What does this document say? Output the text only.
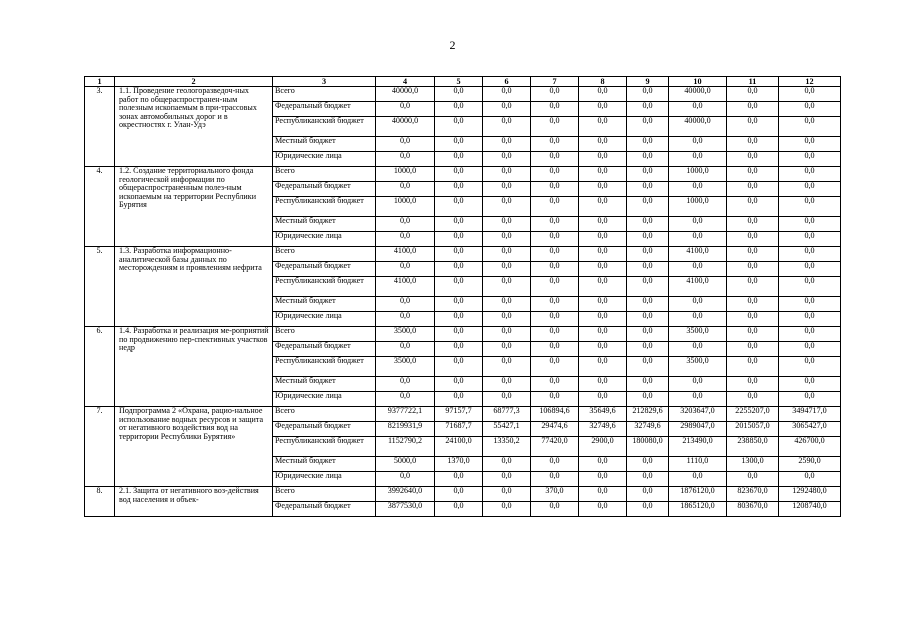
2
1	2	3	4	5	6	7	8	9	10	11	12
3.	1.1. Проведение геологоразведоч-ных работ по общераспространен-ным полезным ископаемым в при-трассовых зонах автомобильных дорог и в окрестностях г. Улан-Удэ	Всего	40000,0	0,0	0,0	0,0	0,0	0,0	40000,0	0,0	0,0
		Федеральный бюджет	0,0	0,0	0,0	0,0	0,0	0,0	0,0	0,0	0,0
		Республиканский бюджет	40000,0	0,0	0,0	0,0	0,0	0,0	40000,0	0,0	0,0
		Местный бюджет	0,0	0,0	0,0	0,0	0,0	0,0	0,0	0,0	0,0
		Юридические лица	0,0	0,0	0,0	0,0	0,0	0,0	0,0	0,0	0,0
4.	1.2. Создание территориального фонда геологической информации по общераспространенным полез-ным ископаемым на территории Республики Бурятия	Всего	1000,0	0,0	0,0	0,0	0,0	0,0	1000,0	0,0	0,0
		Федеральный бюджет	0,0	0,0	0,0	0,0	0,0	0,0	0,0	0,0	0,0
		Республиканский бюджет	1000,0	0,0	0,0	0,0	0,0	0,0	1000,0	0,0	0,0
		Местный бюджет	0,0	0,0	0,0	0,0	0,0	0,0	0,0	0,0	0,0
		Юридические лица	0,0	0,0	0,0	0,0	0,0	0,0	0,0	0,0	0,0
5.	1.3. Разработка информационно-аналитической базы данных по месторождениям и проявлениям нефрита	Всего	4100,0	0,0	0,0	0,0	0,0	0,0	4100,0	0,0	0,0
		Федеральный бюджет	0,0	0,0	0,0	0,0	0,0	0,0	0,0	0,0	0,0
		Республиканский бюджет	4100,0	0,0	0,0	0,0	0,0	0,0	4100,0	0,0	0,0
		Местный бюджет	0,0	0,0	0,0	0,0	0,0	0,0	0,0	0,0	0,0
		Юридические лица	0,0	0,0	0,0	0,0	0,0	0,0	0,0	0,0	0,0
6.	1.4. Разработка и реализация ме-роприятий по продвижению пер-спективных участков недр	Всего	3500,0	0,0	0,0	0,0	0,0	0,0	3500,0	0,0	0,0
		Федеральный бюджет	0,0	0,0	0,0	0,0	0,0	0,0	0,0	0,0	0,0
		Республиканский бюджет	3500,0	0,0	0,0	0,0	0,0	0,0	3500,0	0,0	0,0
		Местный бюджет	0,0	0,0	0,0	0,0	0,0	0,0	0,0	0,0	0,0
		Юридические лица	0,0	0,0	0,0	0,0	0,0	0,0	0,0	0,0	0,0
7.	Подпрограмма 2 «Охрана, рацио-нальное использование водных ресурсов и защита от негативного воздействия вод на территории Республики Бурятия»	Всего	9377722,1	97157,7	68777,3	106894,6	35649,6	212829,6	3203647,0	2255207,0	3494717,0
		Федеральный бюджет	8219931,9	71687,7	55427,1	29474,6	32749,6	32749,6	2989047,0	2015057,0	3065427,0
		Республиканский бюджет	1152790,2	24100,0	13350,2	77420,0	2900,0	180080,0	213490,0	238850,0	426700,0
		Местный бюджет	5000,0	1370,0	0,0	0,0	0,0	0,0	1110,0	1300,0	2590,0
		Юридические лица	0,0	0,0	0,0	0,0	0,0	0,0	0,0	0,0	0,0
8.	2.1. Защита от негативного воз-действия вод населения и объек-	Всего	3992640,0	0,0	0,0	370,0	0,0	0,0	1876120,0	823670,0	1292480,0
		Федеральный бюджет	3877530,0	0,0	0,0	0,0	0,0	0,0	1865120,0	803670,0	1208740,0
